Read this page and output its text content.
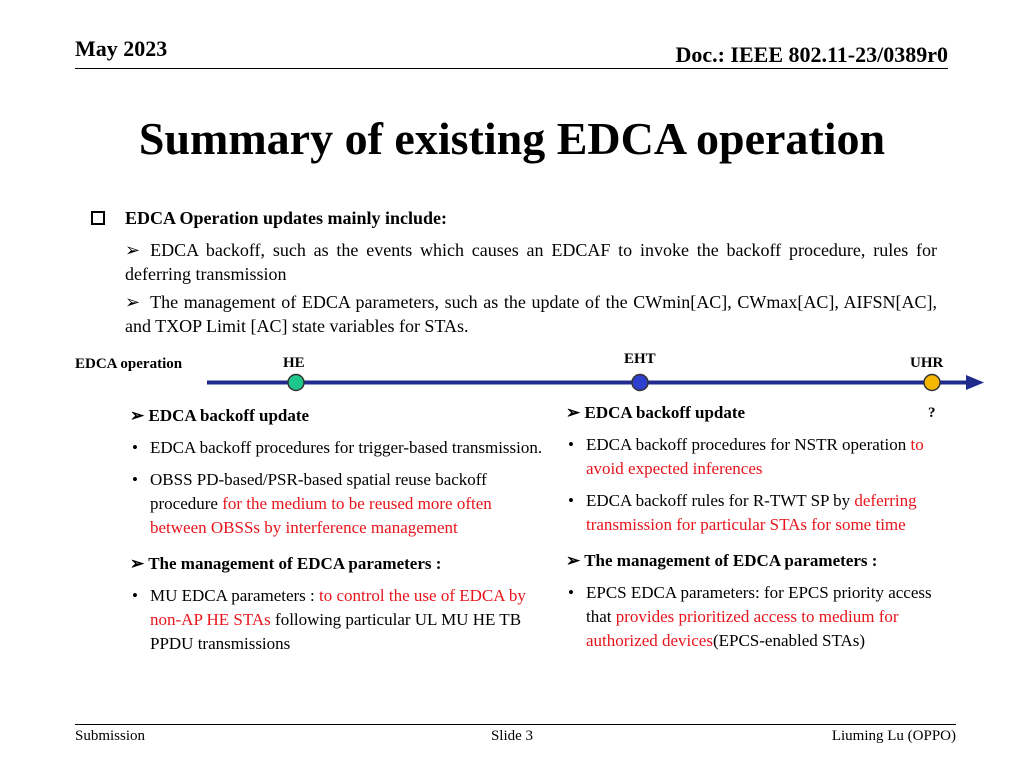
May 2023	Doc.: IEEE 802.11-23/0389r0
Summary of existing EDCA operation
EDCA Operation updates mainly include:
➢ EDCA backoff, such as the events which causes an EDCAF to invoke the backoff procedure, rules for deferring transmission
➢ The management of EDCA parameters, such as the update of the CWmin[AC], CWmax[AC], AIFSN[AC], and TXOP Limit [AC] state variables for STAs.
EDCA operation	HE	EHT	UHR
?
➢ EDCA backoff update
• EDCA backoff procedures for trigger-based transmission.
• OBSS PD-based/PSR-based spatial reuse backoff procedure for the medium to be reused more often between OBSSs by interference management
➢ The management of EDCA parameters :
• MU EDCA parameters : to control the use of EDCA by non-AP HE STAs following particular UL MU HE TB PPDU transmissions
➢ EDCA backoff update
• EDCA backoff procedures for NSTR operation to avoid expected inferences
• EDCA backoff rules for R-TWT SP by deferring transmission for particular STAs for some time
➢ The management of EDCA parameters :
• EPCS EDCA parameters: for EPCS priority access that provides prioritized access to medium for authorized devices(EPCS-enabled STAs)
Submission	Slide 3	Liuming Lu (OPPO)
